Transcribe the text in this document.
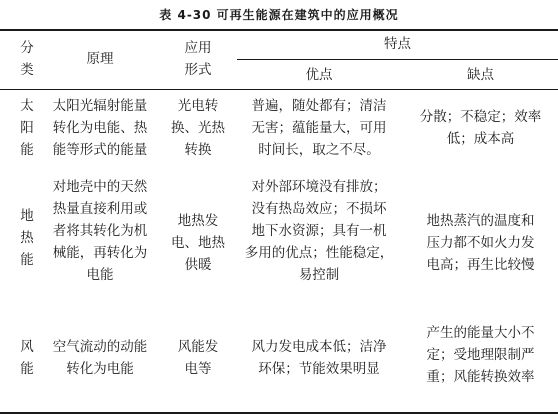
表 4-30 可再生能源在建筑中的应用概况
分
类
原理
应用
形式
特点
优点	缺点
太
阳
能
太阳光辐射能量
转化为电能、热
能等形式的能量
光电转
换、光热
转换
普遍，随处都有；清洁
无害；蕴能量大，可用
时间长，取之不尽。
分散；不稳定；效率
低；成本高
地
热
能
对地壳中的天然
热量直接利用或
者将其转化为机
械能，再转化为
电能
地热发
电、地热
供暖
对外部环境没有排放；
没有热岛效应；不损坏
地下水资源；具有一机
多用的优点；性能稳定，
易控制
地热蒸汽的温度和
压力都不如火力发
电高；再生比较慢
风
能
空气流动的动能
转化为电能
风能发
电等
风力发电成本低；洁净
环保；节能效果明显
产生的能量大小不
定；受地理限制严
重；风能转换效率
